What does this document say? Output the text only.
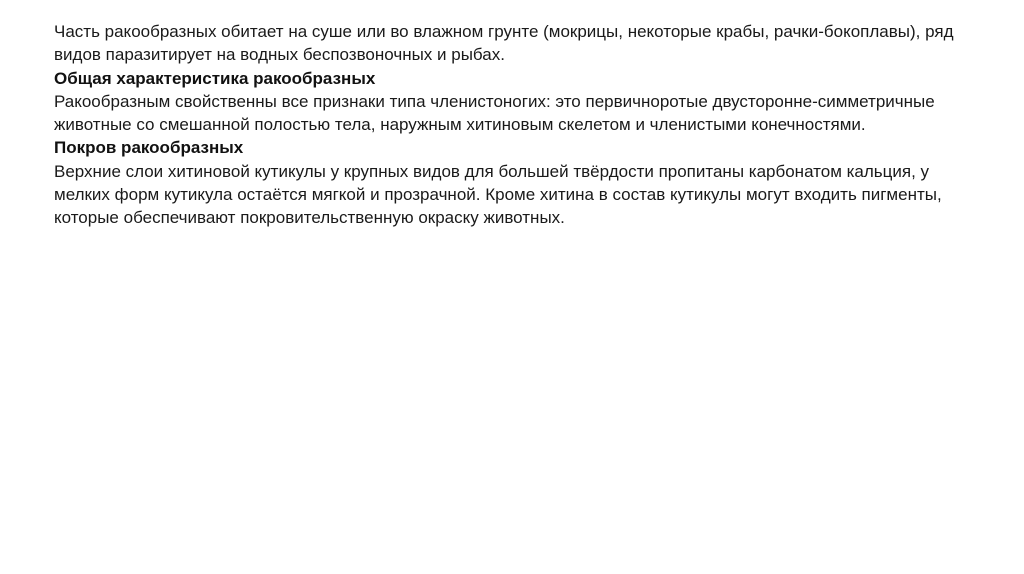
Часть ракообразных обитает на суше или во влажном грунте (мокрицы, некоторые крабы, рачки-бокоплавы), ряд видов паразитирует на водных беспозвоночных и рыбах.

Общая характеристика ракообразных

Ракообразным свойственны все признаки типа членистоногих: это первичноротые двусторонне-симметричные животные со смешанной полостью тела, наружным хитиновым скелетом и членистыми конечностями.

Покров ракообразных

Верхние слои хитиновой кутикулы у крупных видов для большей твёрдости пропитаны карбонатом кальция, у мелких форм кутикула остаётся мягкой и прозрачной. Кроме хитина в состав кутикулы могут входить пигменты, которые обеспечивают покровительственную окраску животных.
